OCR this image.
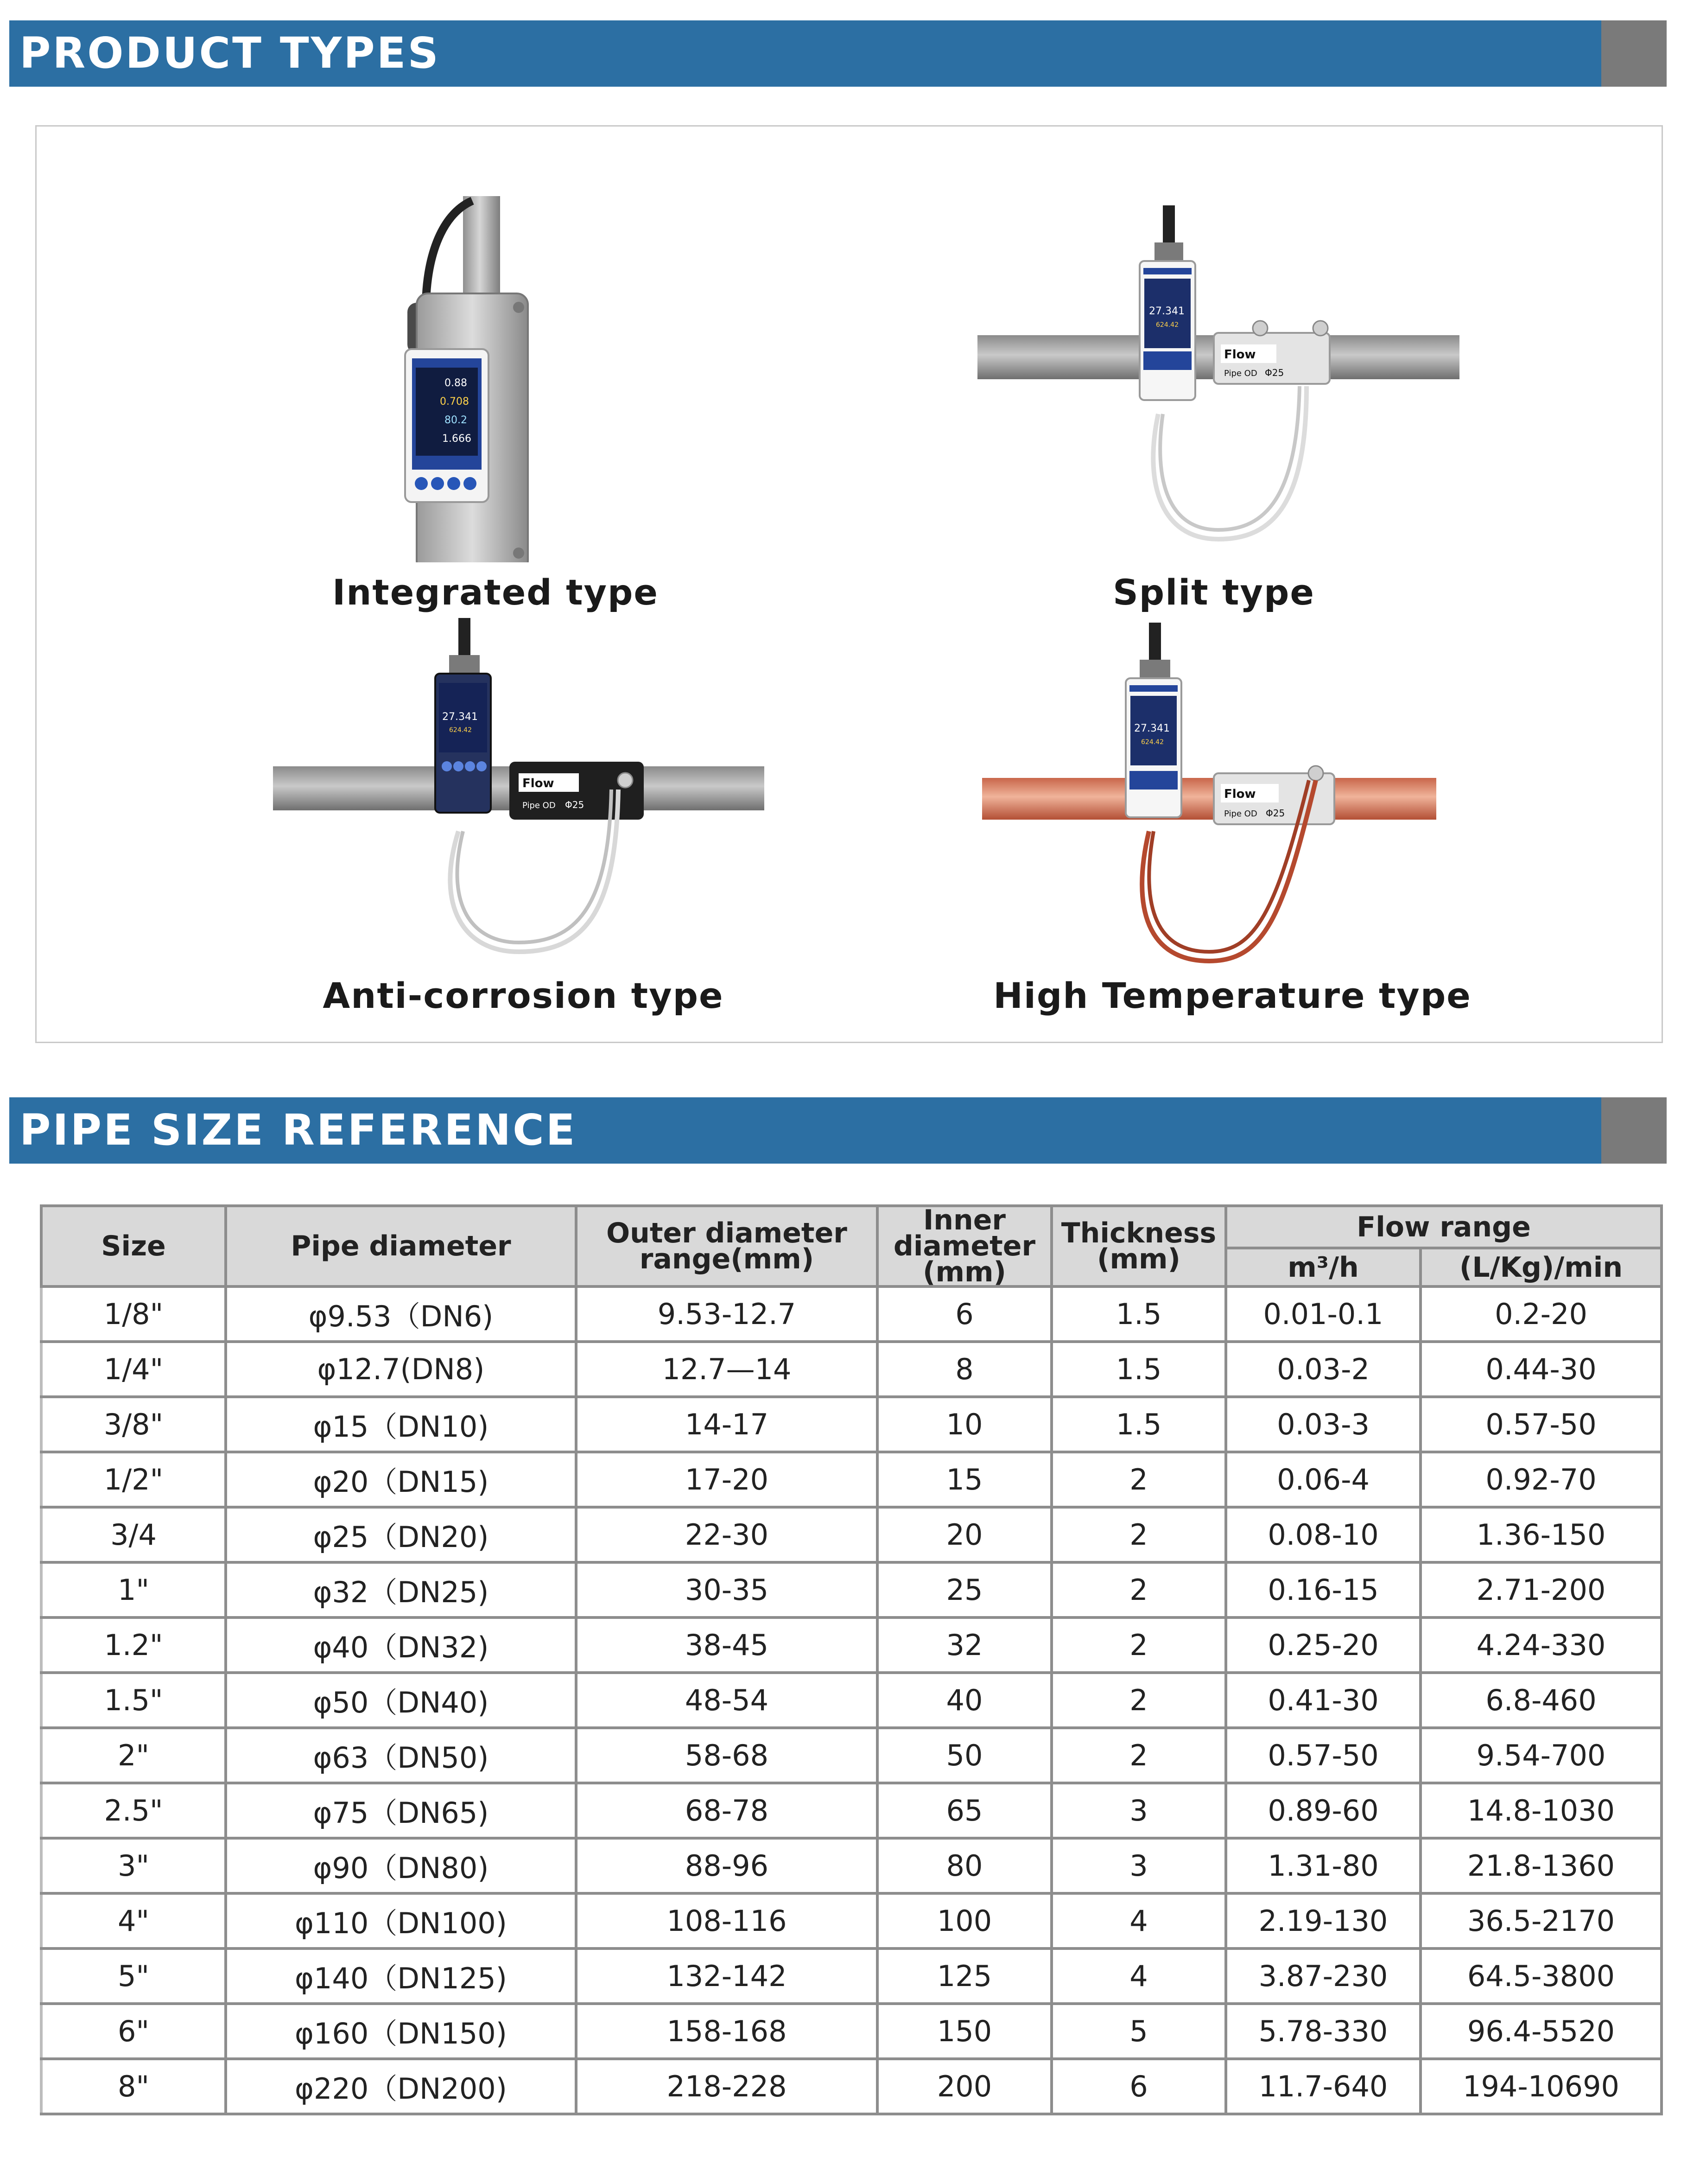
PRODUCT TYPES
0.88
0.708
80.2
1.666
Integrated type
27.341
624.42
Flow
Pipe OD Φ25
Split type
27.341
624.42
Flow
Pipe OD Φ25
Anti-corrosion type
27.341
624.42
Flow
Pipe OD Φ25
High Temperature type
PIPE SIZE REFERENCE
Size	Pipe diameter	Outer diameter range(mm)	Inner diameter (mm)	Thickness (mm)	Flow range	
					m³/h	(L/Kg)/min
1/8"	φ9.53（DN6)	9.53-12.7	6	1.5	0.01-0.1	0.2-20
1/4"	φ12.7(DN8)	12.7—14	8	1.5	0.03-2	0.44-30
3/8"	φ15（DN10)	14-17	10	1.5	0.03-3	0.57-50
1/2"	φ20（DN15)	17-20	15	2	0.06-4	0.92-70
3/4	φ25（DN20)	22-30	20	2	0.08-10	1.36-150
1"	φ32（DN25)	30-35	25	2	0.16-15	2.71-200
1.2"	φ40（DN32)	38-45	32	2	0.25-20	4.24-330
1.5"	φ50（DN40)	48-54	40	2	0.41-30	6.8-460
2"	φ63（DN50)	58-68	50	2	0.57-50	9.54-700
2.5"	φ75（DN65)	68-78	65	3	0.89-60	14.8-1030
3"	φ90（DN80)	88-96	80	3	1.31-80	21.8-1360
4"	φ110（DN100)	108-116	100	4	2.19-130	36.5-2170
5"	φ140（DN125)	132-142	125	4	3.87-230	64.5-3800
6"	φ160（DN150)	158-168	150	5	5.78-330	96.4-5520
8"	φ220（DN200)	218-228	200	6	11.7-640	194-10690
